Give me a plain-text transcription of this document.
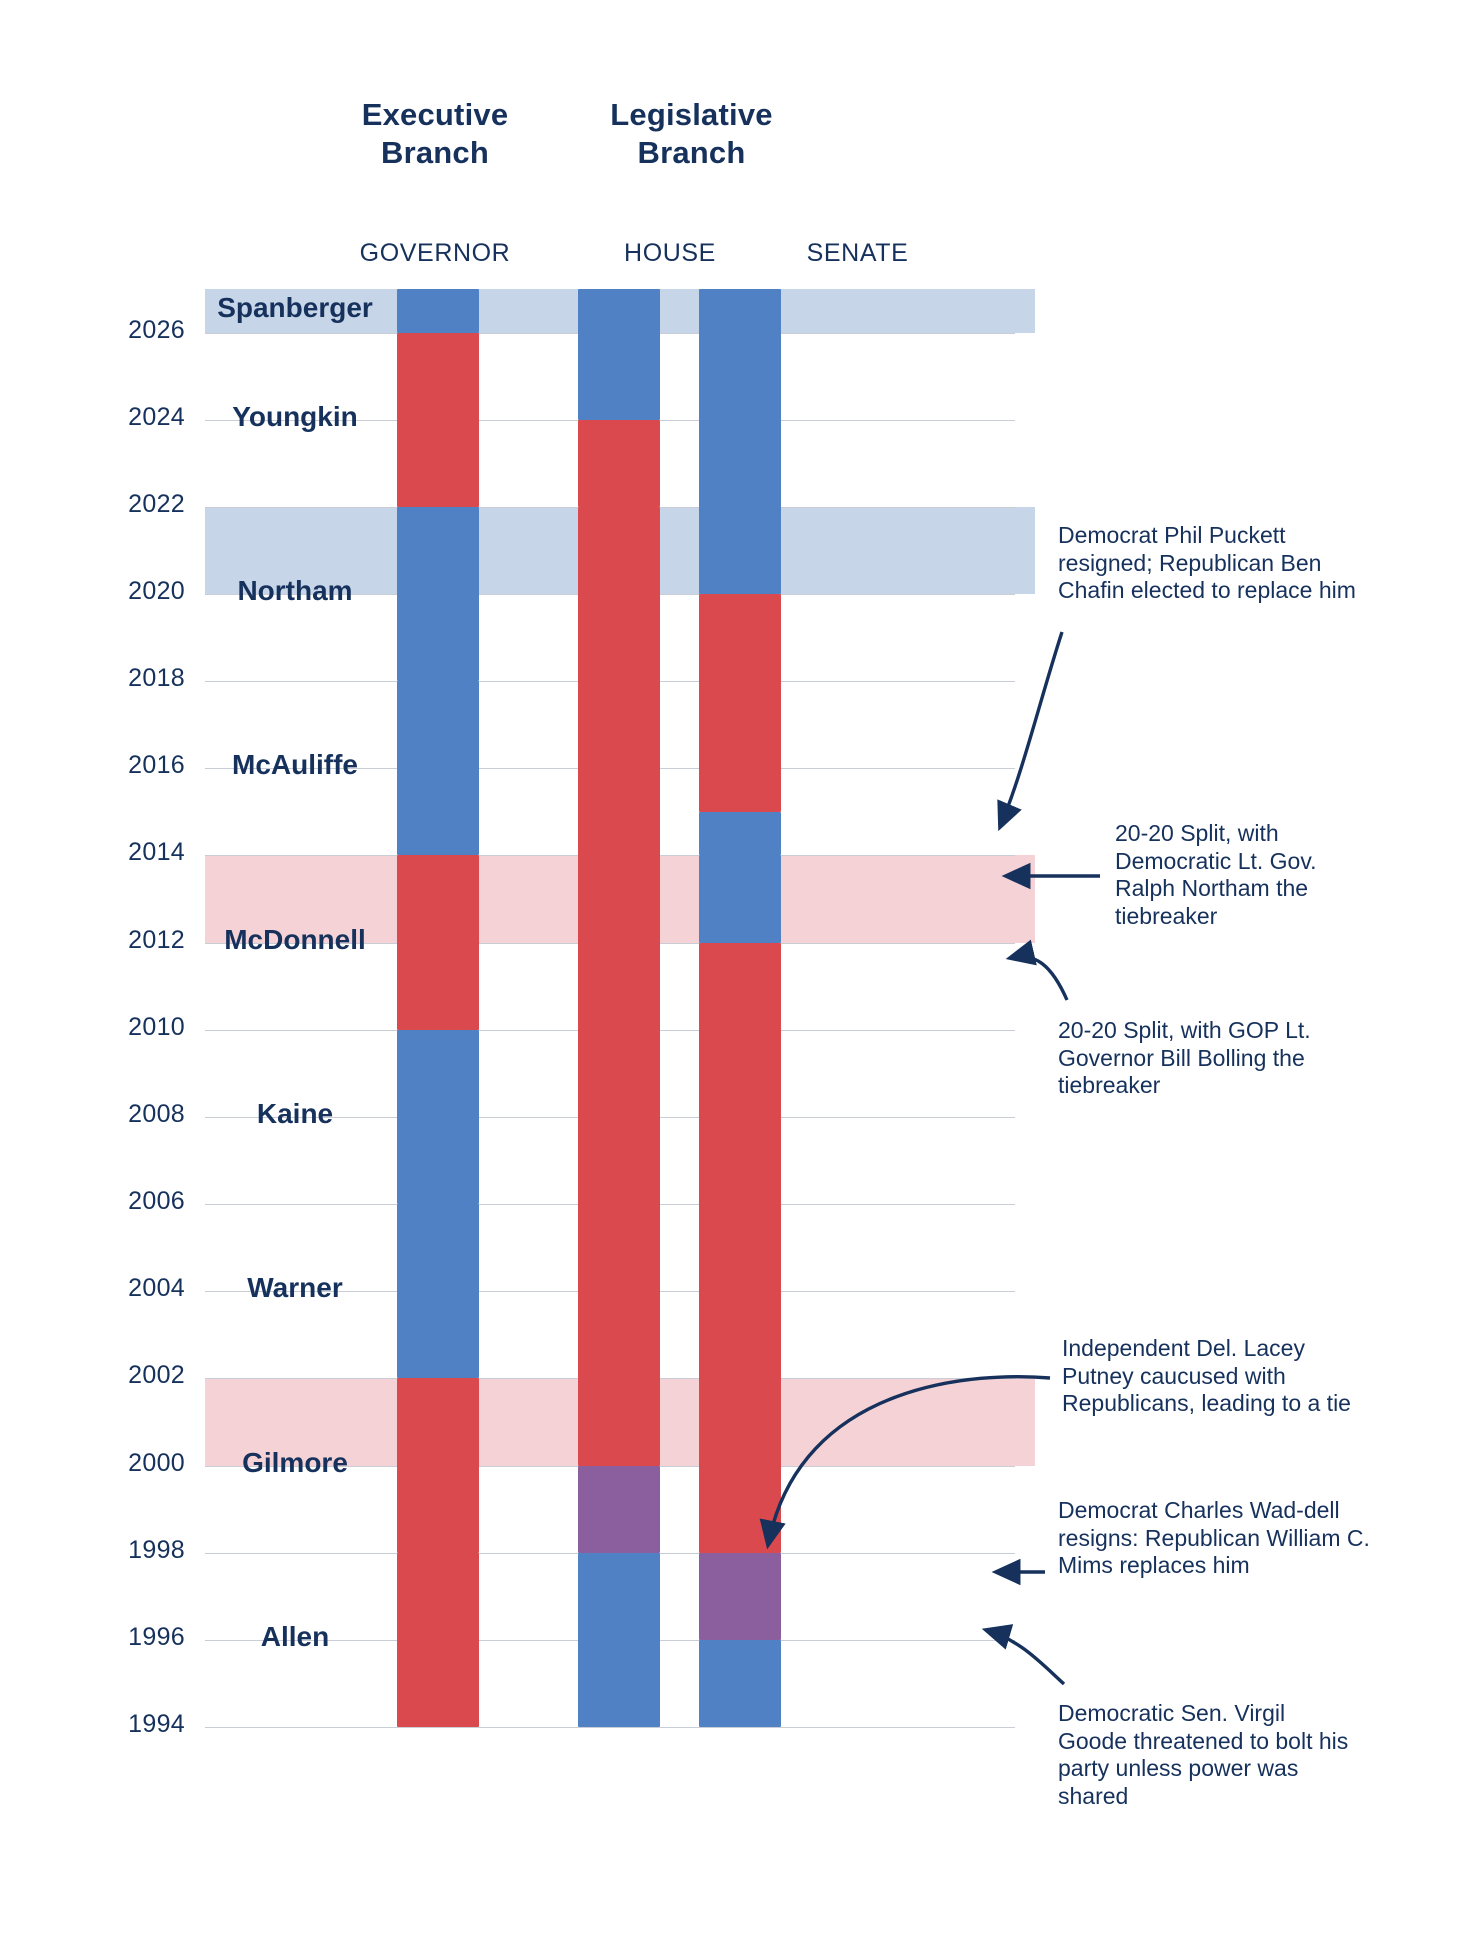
Executive
Branch
Legislative
Branch
GOVERNOR	HOUSE	SENATE
1994
1996
1998
2000
2002
2004
2006
2008
2010
2012
2014
2016
2018
2020
2022
2024
2026
Allen
Gilmore
Warner
Kaine
McDonnell
McAuliffe
Northam
Youngkin
Spanberger
Democrat Phil Puckett resigned; Republican Ben Chafin elected to replace him
20-20 Split, with Democratic Lt. Gov. Ralph Northam the tiebreaker
20-20 Split, with GOP Lt. Governor Bill Bolling the tiebreaker
Independent Del. Lacey Putney caucused with Republicans, leading to a tie
Democrat Charles Wad-dell resigns: Republican William C. Mims replaces him
Democratic Sen. Virgil Goode threatened to bolt his party unless power was shared
